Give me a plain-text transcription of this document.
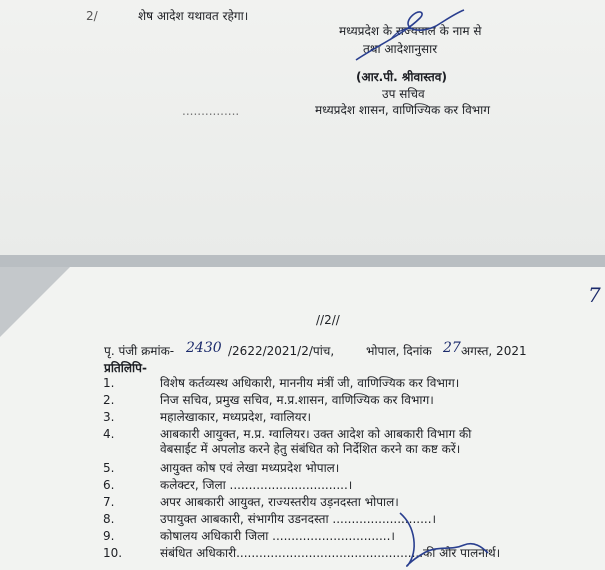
2/	शेष आदेश यथावत रहेगा।
मध्यप्रदेश के राज्यपाल के नाम से
तथा आदेशानुसार
(आर.पी. श्रीवास्तव)
उप सचिव
...............	मध्यप्रदेश शासन, वाणिज्यिक कर विभाग
//2//
पृ. पंजी क्रमांक- 2430 /2622/2021/2/पांच,	भोपाल, दिनांक 27 अगस्त, 2021
प्रतिलिपि-
1.	विशेष कर्तव्यस्थ अधिकारी, माननीय मंत्रीं जी, वाणिज्यिक कर विभाग।
2.	निज सचिव, प्रमुख सचिव, म.प्र.शासन, वाणिज्यिक कर विभाग।
3.	महालेखाकार, मध्यप्रदेश, ग्वालियर।
4.	आबकारी आयुक्त, म.प्र. ग्वालियर। उक्त आदेश को आबकारी विभाग की
वेबसाईट में अपलोड करने हेतु संबंधित को निर्देशित करने का कष्ट करें।
5.	आयुक्त कोष एवं लेखा मध्यप्रदेश भोपाल।
6.	कलेक्टर, जिला ...............................।
7.	अपर आबकारी आयुक्त, राज्यस्तरीय उड़नदस्ता भोपाल।
8.	उपायुक्त आबकारी, संभागीय उडनदस्ता ..........................।
9.	कोषालय अधिकारी जिला ...............................।
10.	संबंधित अधिकारी.................................................की ओर पालनार्थ।
7
